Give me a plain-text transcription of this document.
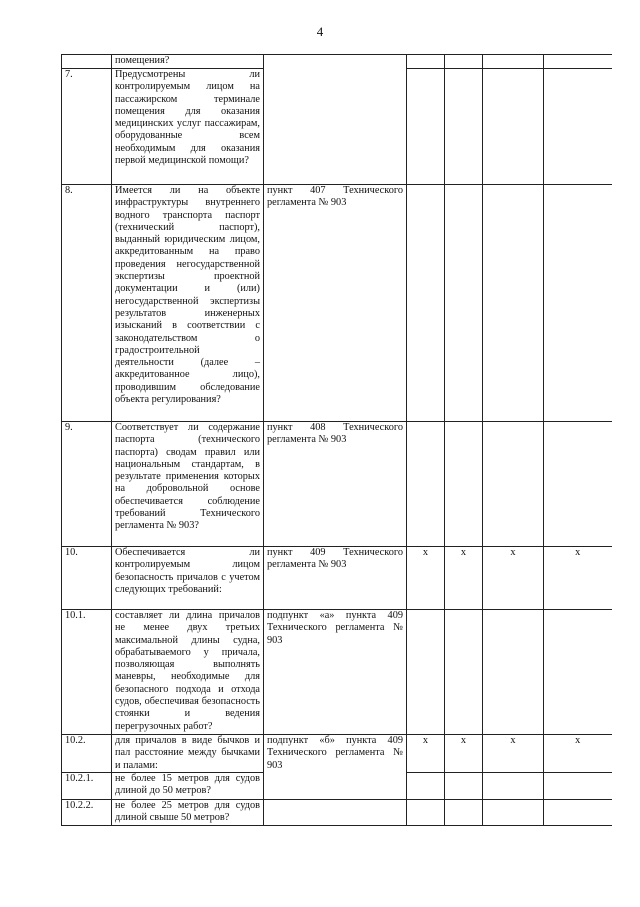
4
	помещения?					
7.	Предусмотрены ли контролируемым лицом на пассажирском терминале помещения для оказания медицинских услуг пассажирам, оборудованные всем необходимым для оказания первой медицинской помощи?					
8.	Имеется ли на объекте инфраструктуры внутреннего водного транспорта паспорт (технический паспорт), выданный юридическим лицом, аккредитованным на право проведения негосударственной экспертизы проектной документации и (или) негосударственной экспертизы результатов инженерных изысканий в соответствии с законодательством о градостроительной деятельности (далее – аккредитованное лицо), проводившим обследование объекта регулирования?	пункт 407 Технического регламента № 903				
9.	Соответствует ли содержание паспорта (технического паспорта) сводам правил или национальным стандартам, в результате применения которых на добровольной основе обеспечивается соблюдение требований Технического регламента № 903?	пункт 408 Технического регламента № 903				
10.	Обеспечивается ли контролируемым лицом безопасность причалов с учетом следующих требований:	пункт 409 Технического регламента № 903	x	x	x	x
10.1.	составляет ли длина причалов не менее двух третьих максимальной длины судна, обрабатываемого у причала, позволяющая выполнять маневры, необходимые для безопасного подхода и отхода судов, обеспечивая безопасность стоянки и ведения перегрузочных работ?	подпункт «а» пункта 409 Технического регламента № 903				
10.2.	для причалов в виде бычков и пал расстояние между бычками и палами:	подпункт «б» пункта 409 Технического регламента № 903	x	x	x	x
10.2.1.	не более 15 метров для судов длиной до 50 метров?					
10.2.2.	не более 25 метров для судов длиной свыше 50 метров?					
